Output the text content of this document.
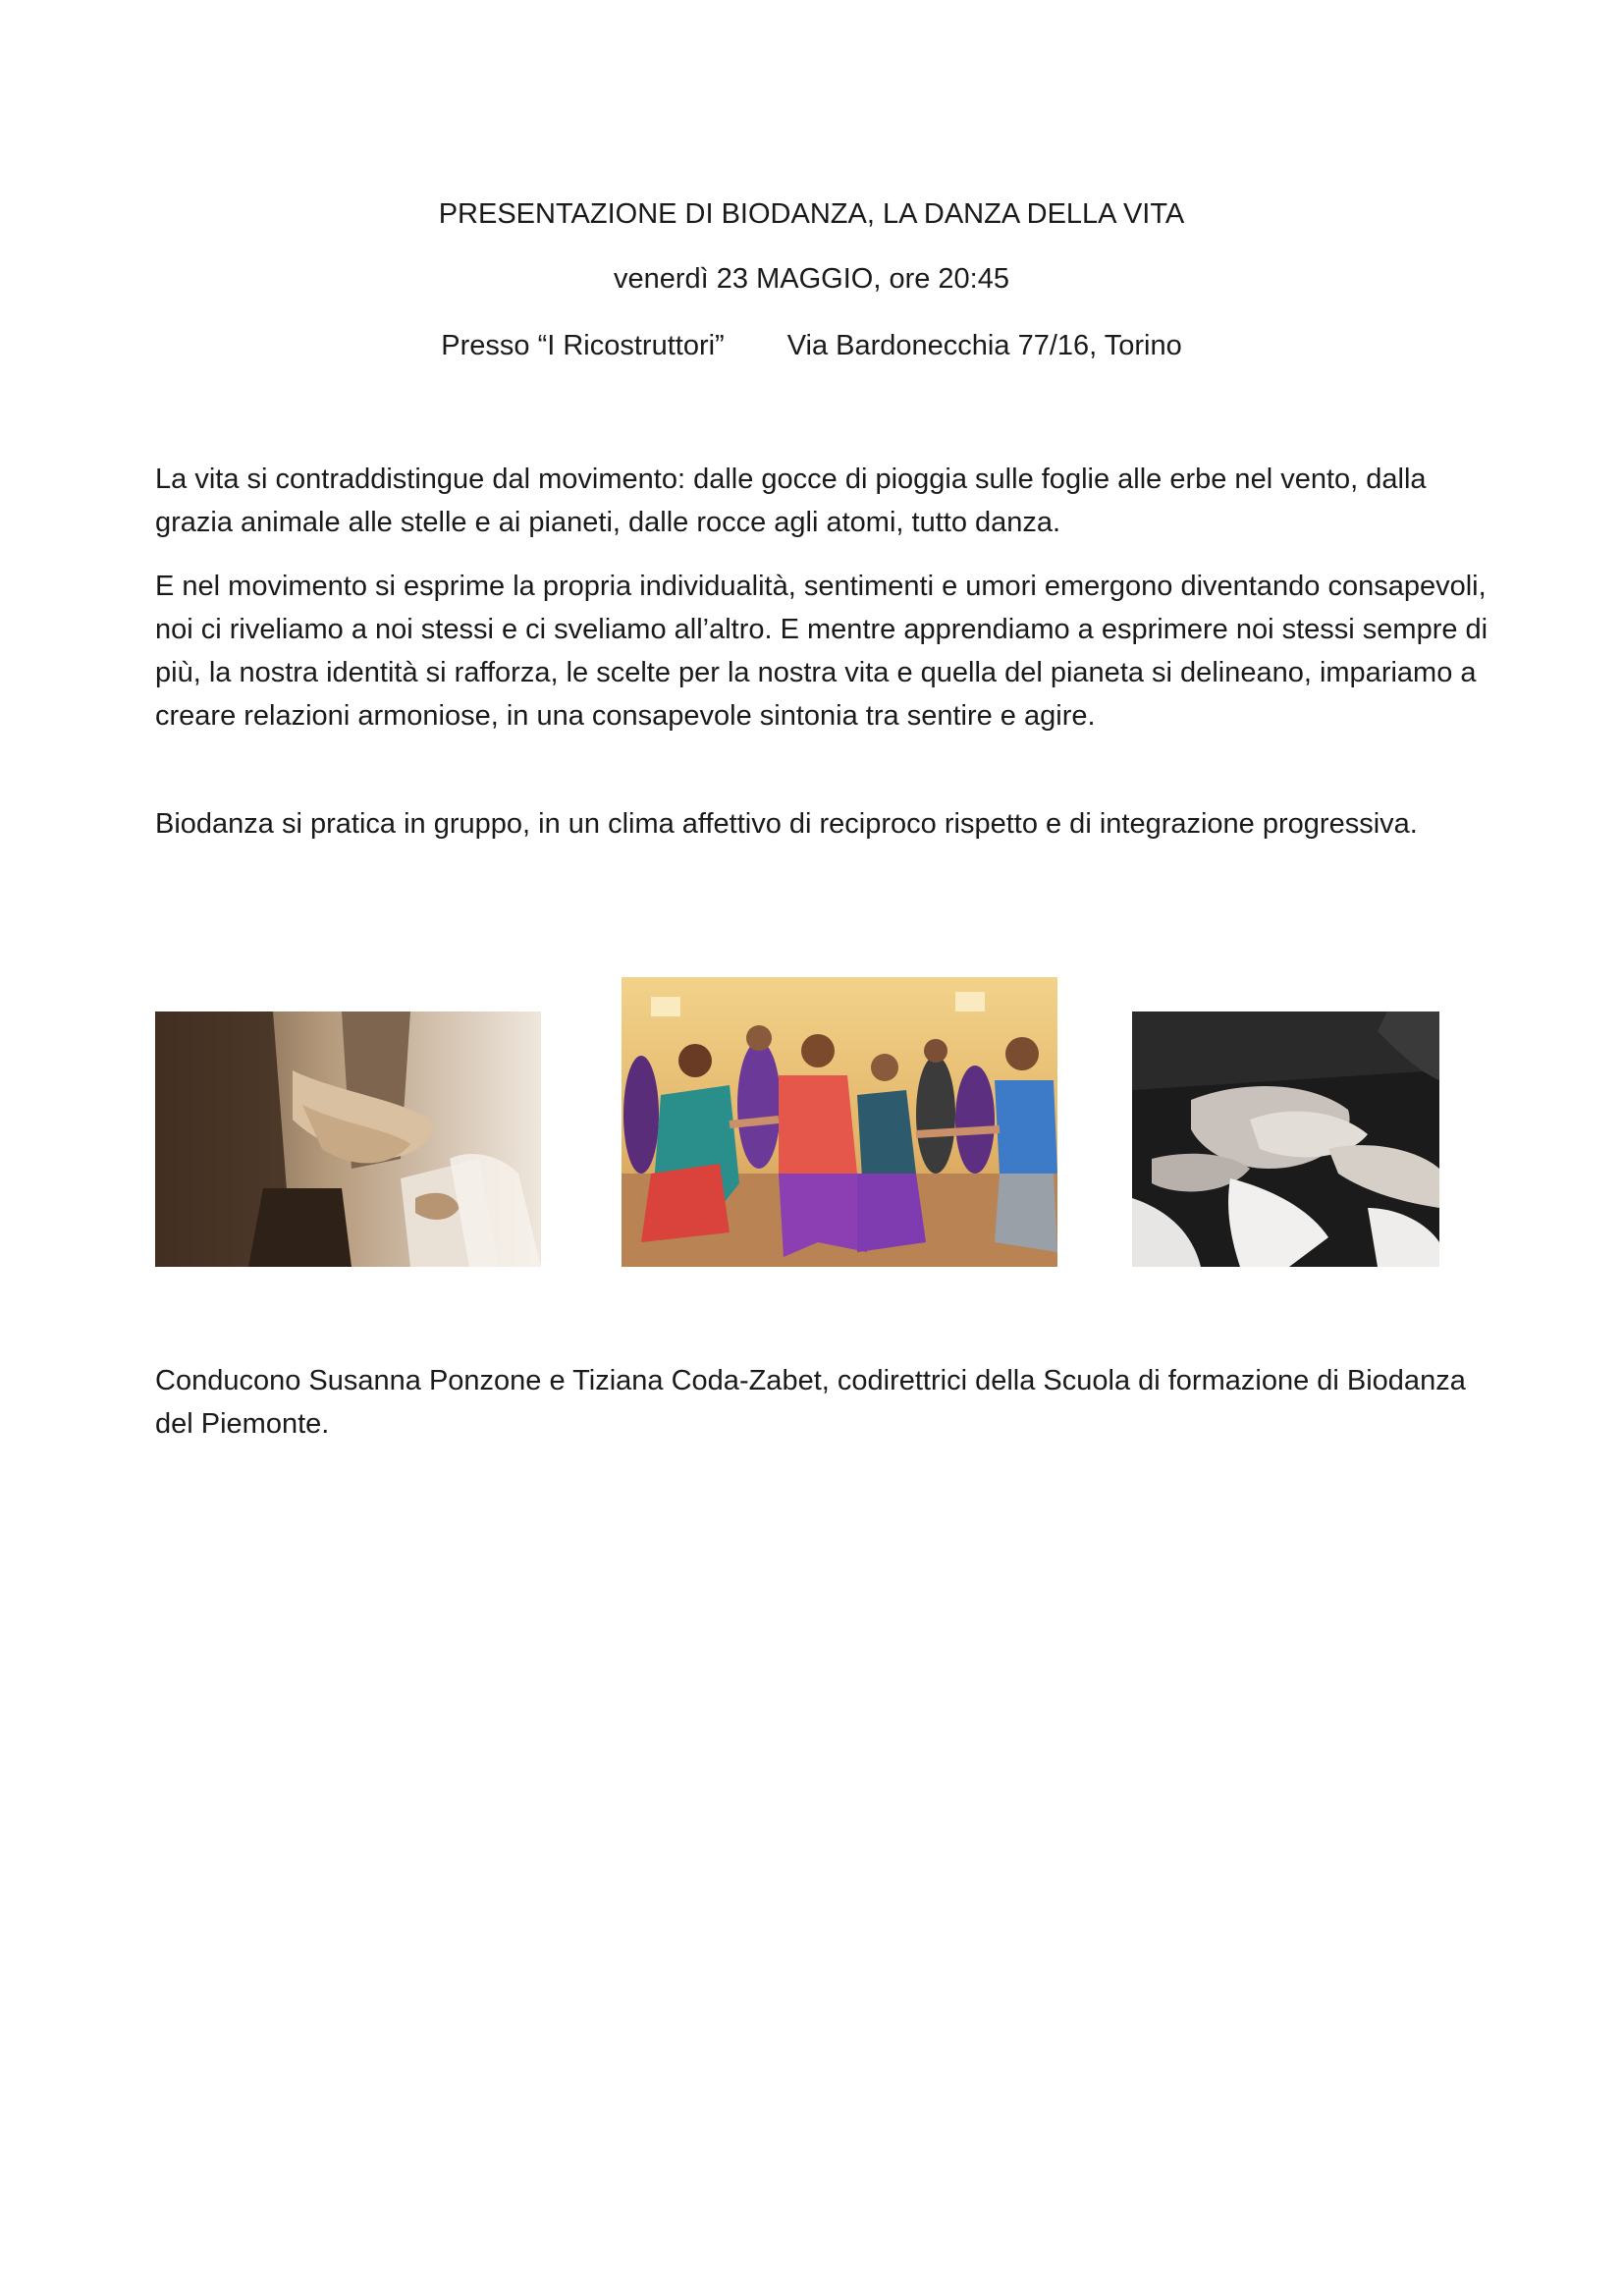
PRESENTAZIONE DI BIODANZA, LA DANZA DELLA VITA
venerdì 23 MAGGIO, ore 20:45
Presso “I Ricostruttori” Via Bardonecchia 77/16, Torino

La vita si contraddistingue dal movimento: dalle gocce di pioggia sulle foglie alle erbe nel vento, dalla grazia animale alle stelle e ai pianeti, dalle rocce agli atomi, tutto danza.

E nel movimento si esprime la propria individualità, sentimenti e umori emergono diventando consapevoli, noi ci riveliamo a noi stessi e ci sveliamo all’altro. E mentre apprendiamo a esprimere noi stessi sempre di più, la nostra identità si rafforza, le scelte per la nostra vita e quella del pianeta si delineano, impariamo a creare relazioni armoniose, in una consapevole sintonia tra sentire e agire.

Biodanza si pratica in gruppo, in un clima affettivo di reciproco rispetto e di integrazione progressiva.

Conducono Susanna Ponzone e Tiziana Coda-Zabet, codirettrici della Scuola di formazione di Biodanza del Piemonte.
